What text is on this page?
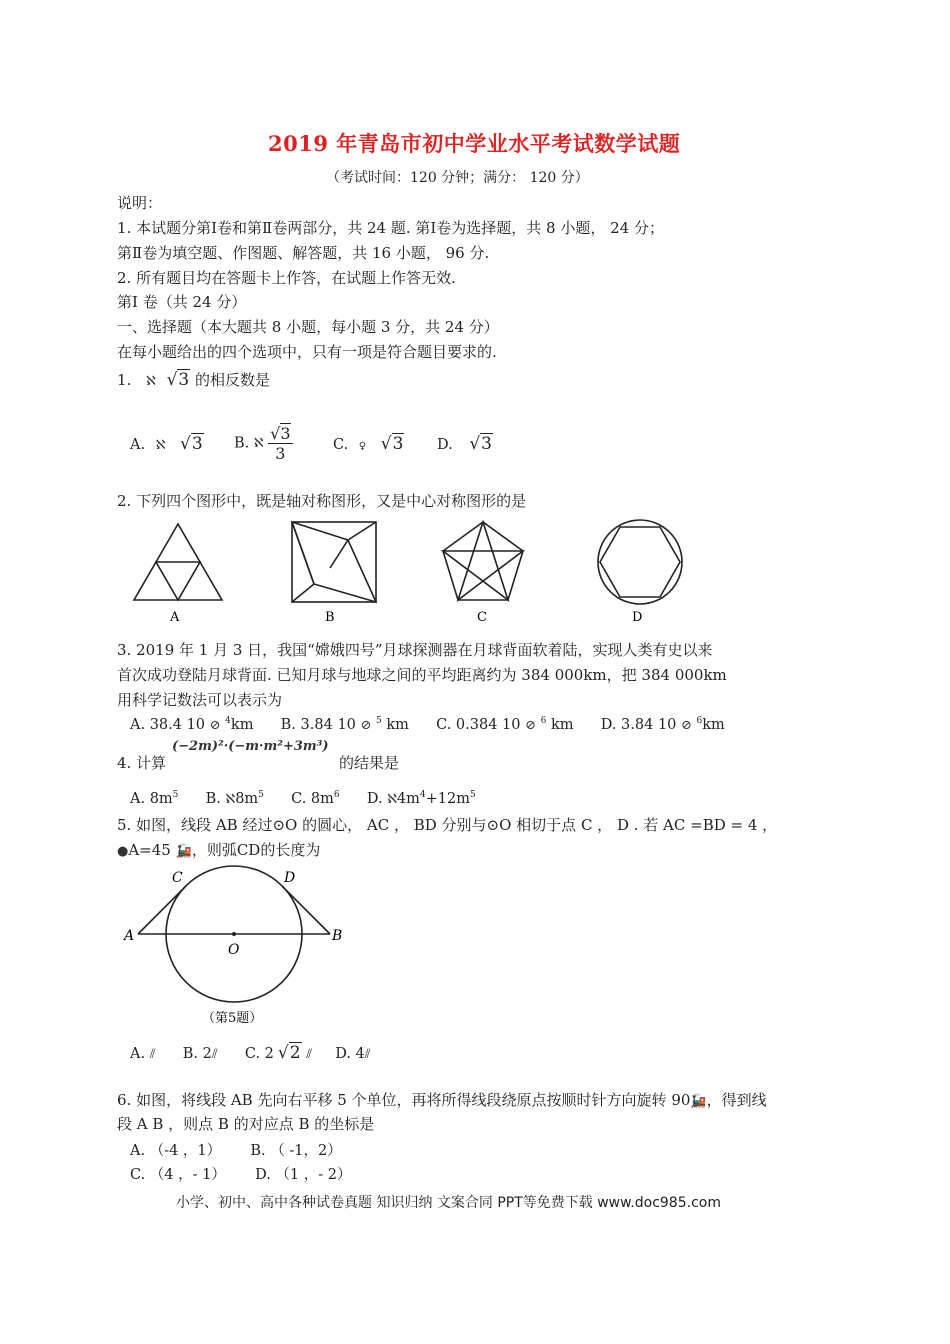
2019 年青岛市初中学业水平考试数学试题
（考试时间：120 分钟；满分： 120 分）
说明：
1. 本试题分第Ⅰ卷和第Ⅱ卷两部分，共 24 题. 第Ⅰ卷为选择题，共 8 小题， 24 分；
第Ⅱ卷为填空题、作图题、解答题，共 16 小题， 96 分.
2. 所有题目均在答题卡上作答，在试题上作答无效.
第Ⅰ 卷（共 24 分）
一、选择题（本大题共 8 小题，每小题 3 分，共 24 分）
在每小题给出的四个选项中，只有一项是符合题目要求的.
1. ℵ √3 的相反数是
A. ℵ √3 B. ℵ $\frac{√3}{3}$	C. ♀ √3 D. √3
2. 下列四个图形中，既是轴对称图形，又是中心对称图形的是
A	B	C	D
3. 2019 年 1 月 3 日，我国“嫦娥四号”月球探测器在月球背面软着陆，实现人类有史以来
首次成功登陆月球背面. 已知月球与地球之间的平均距离约为 384 000km，把 384 000km
用科学记数法可以表示为
A. 38.4 10 ⊘ $^4$km B. 3.84 10 ⊘ $^5$ km C. 0.384 10 ⊘ $^6$ km D. 3.84 10 ⊘ $^6$km
4. 计算
(−2m)²·(−m·m²+3m³)
的结果是
A. $8m^5$ B. $ℵ8m^5$ C. $8m^6$ D. $ℵ4m^4+12m^5$
5. 如图，线段 AB 经过⊙O 的圆心， AC ， BD 分别与⊙O 相切于点 C ， D . 若 AC =BD = 4 ，
●A=45 🚂，则弧CD的长度为
C	D
A	B
O
（第5题）
A. ⫽ B. 2⫽ C. 2 √2 ⫽ D. 4⫽
6. 如图，将线段 AB 先向右平移 5 个单位，再将所得线段绕原点按顺时针方向旋转 90🚂，得到线
段 A B ，则点 B 的对应点 B 的坐标是
A. （-4 ，1） B. （ -1，2）
C. （4 ，- 1） D. （1 ，- 2）
小学、初中、高中各种试卷真题 知识归纳 文案合同 PPT等免费下载 www.doc985.com
